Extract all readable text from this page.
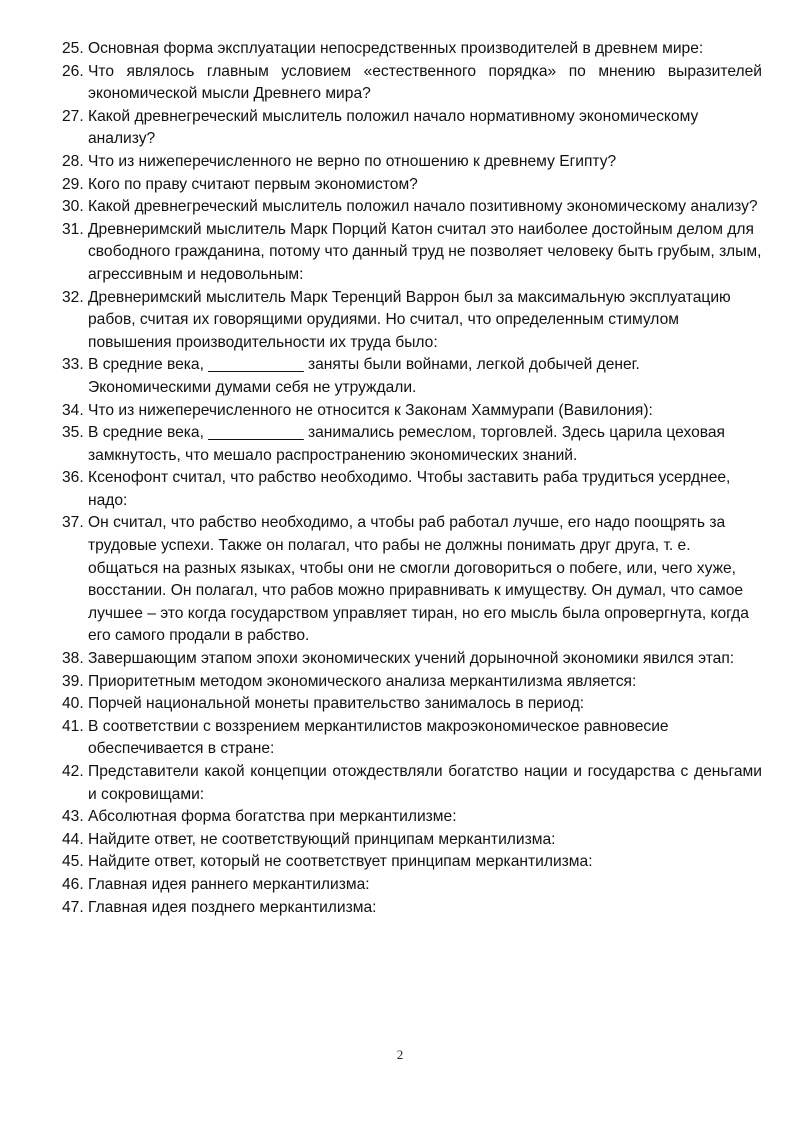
25. Основная форма эксплуатации непосредственных производителей в древнем мире:
26. Что являлось главным условием «естественного порядка» по мнению выразителей экономической мысли Древнего мира?
27. Какой древнегреческий мыслитель положил начало нормативному экономическому анализу?
28. Что из нижеперечисленного не верно по отношению к древнему Египту?
29. Кого по праву считают первым экономистом?
30. Какой древнегреческий мыслитель положил начало позитивному экономическому анализу?
31. Древнеримский мыслитель Марк Порций Катон считал это наиболее достойным делом для свободного гражданина, потому что данный труд не позволяет человеку быть грубым, злым, агрессивным и недовольным:
32. Древнеримский мыслитель Марк Теренций Варрон был за максимальную эксплуатацию рабов, считая их говорящими орудиями. Но считал, что определенным стимулом повышения производительности их труда было:
33. В средние века, ___________ заняты были войнами, легкой добычей денег. Экономическими думами себя не утруждали.
34. Что из нижеперечисленного не относится к Законам Хаммурапи (Вавилония):
35. В средние века, ___________ занимались ремеслом, торговлей. Здесь царила цеховая замкнутость, что мешало распространению экономических знаний.
36. Ксенофонт считал, что рабство необходимо. Чтобы заставить раба трудиться усерднее, надо:
37. Он считал, что рабство необходимо, а чтобы раб работал лучше, его надо поощрять за трудовые успехи. Также он полагал, что рабы не должны понимать друг друга, т. е. общаться на разных языках, чтобы они не смогли договориться о побеге, или, чего хуже, восстании. Он полагал, что рабов можно приравнивать к имуществу. Он думал, что самое лучшее – это когда государством управляет тиран, но его мысль была опровергнута, когда его самого продали в рабство.
38. Завершающим этапом эпохи экономических учений дорыночной экономики явился этап:
39. Приоритетным методом экономического анализа меркантилизма является:
40. Порчей национальной монеты правительство занималось в период:
41. В соответствии с воззрением меркантилистов макроэкономическое равновесие обеспечивается в стране:
42. Представители какой концепции отождествляли богатство нации и государства с деньгами и сокровищами:
43. Абсолютная форма богатства при меркантилизме:
44. Найдите ответ, не соответствующий принципам меркантилизма:
45. Найдите ответ, который не соответствует принципам меркантилизма:
46. Главная идея раннего меркантилизма:
47. Главная идея позднего меркантилизма:
2
